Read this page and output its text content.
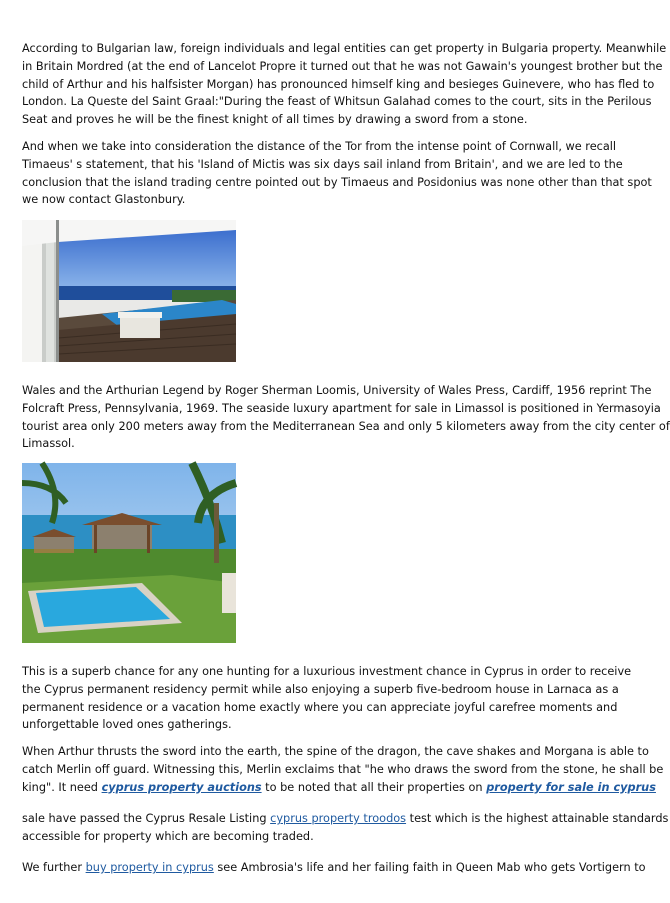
According to Bulgarian law, foreign individuals and legal entities can get property in Bulgaria property. Meanwhile
in Britain Mordred (at the end of Lancelot Propre it turned out that he was not Gawain's youngest brother but the
child of Arthur and his halfsister Morgan) has pronounced himself king and besieges Guinevere, who has fled to
London. La Queste del Saint Graal:"During the feast of Whitsun Galahad comes to the court, sits in the Perilous
Seat and proves he will be the finest knight of all times by drawing a sword from a stone.

And when we take into consideration the distance of the Tor from the intense point of Cornwall, we recall
Timaeus' s statement, that his 'Island of Mictis was six days sail inland from Britain', and we are led to the
conclusion that the island trading centre pointed out by Timaeus and Posidonius was none other than that spot
we now contact Glastonbury.

Wales and the Arthurian Legend by Roger Sherman Loomis, University of Wales Press, Cardiff, 1956 reprint The
Folcraft Press, Pennsylvania, 1969. The seaside luxury apartment for sale in Limassol is positioned in Yermasoyia
tourist area only 200 meters away from the Mediterranean Sea and only 5 kilometers away from the city center of
Limassol.

This is a superb chance for any one hunting for a luxurious investment chance in Cyprus in order to receive
the Cyprus permanent residency permit while also enjoying a superb five-bedroom house in Larnaca as a
permanent residence or a vacation home exactly where you can appreciate joyful carefree moments and
unforgettable loved ones gatherings.

When Arthur thrusts the sword into the earth, the spine of the dragon, the cave shakes and Morgana is able to
catch Merlin off guard. Witnessing this, Merlin exclaims that "he who draws the sword from the stone, he shall be
king". It need cyprus property auctions to be noted that all their properties on property for sale in cyprus

sale have passed the Cyprus Resale Listing cyprus property troodos test which is the highest attainable standards
accessible for property which are becoming traded.

We further buy property in cyprus see Ambrosia's life and her failing faith in Queen Mab who gets Vortigern to
